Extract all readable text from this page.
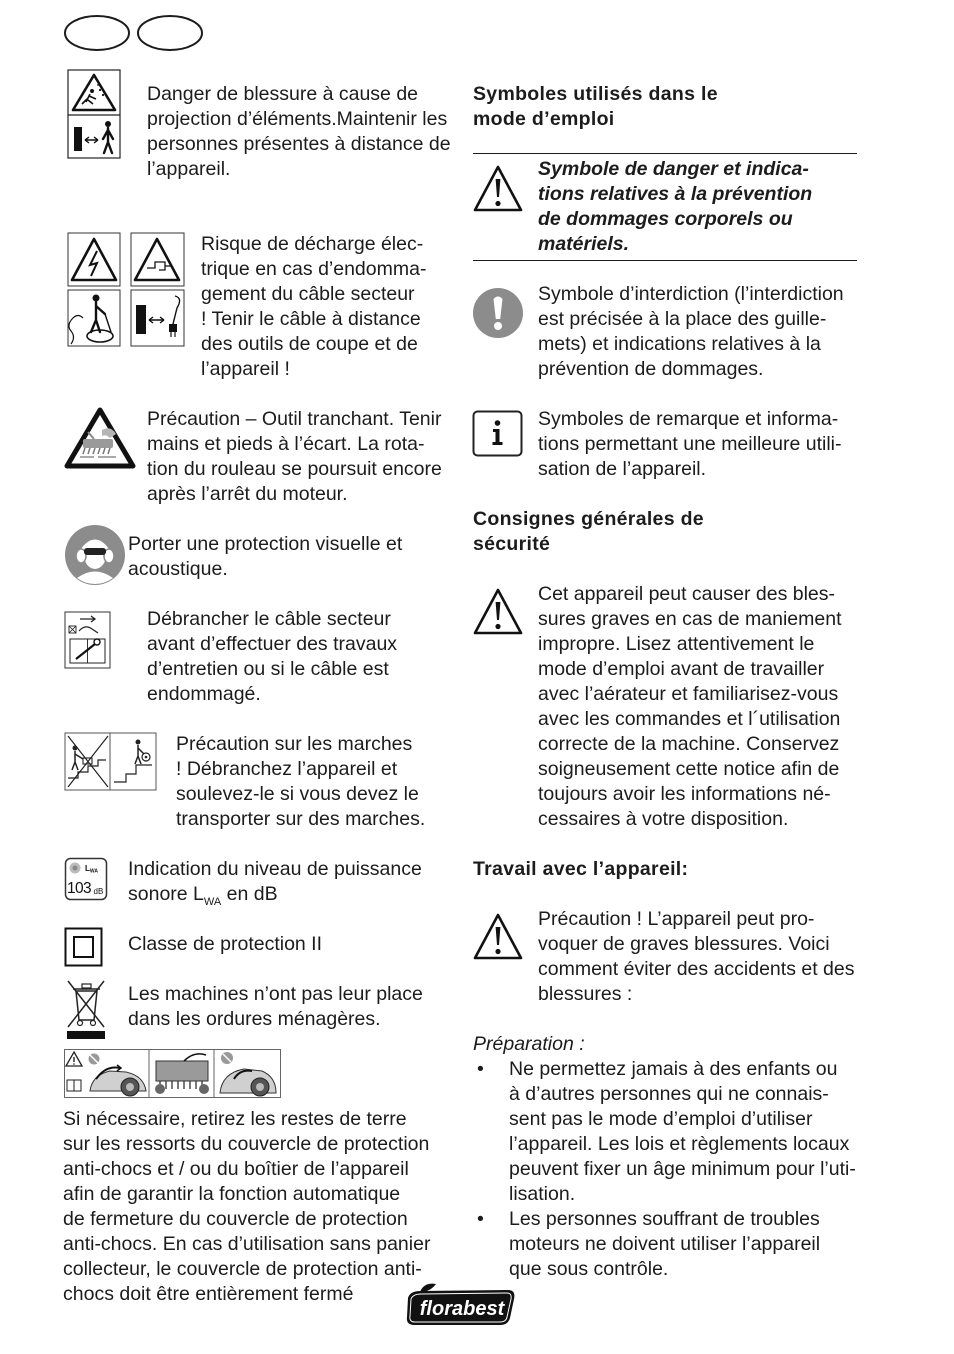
Danger de blessure à cause de
projection d’éléments.Maintenir les
personnes présentes à distance de
l’appareil.
Risque de décharge élec-
trique en cas d’endomma-
gement du câble secteur
! Tenir le câble à distance
des outils de coupe et de
l’appareil !
Précaution – Outil tranchant. Tenir
mains et pieds à l’écart. La rota-
tion du rouleau se poursuit encore
après l’arrêt du moteur.
Porter une protection visuelle et
acoustique.
Débrancher le câble secteur
avant d’effectuer des travaux
d’entretien ou si le câble est
endommagé.
Précaution sur les marches
! Débranchez l’appareil et
soulevez-le si vous devez le
transporter sur des marches.
LWA
103 dB
Indication du niveau de puissance
sonore $L_{WA}$ en dB
Classe de protection II
Les machines n’ont pas leur place
dans les ordures ménagères.
Si nécessaire, retirez les restes de terre
sur les ressorts du couvercle de protection
anti-chocs et / ou du boîtier de l’appareil
afin de garantir la fonction automatique
de fermeture du couvercle de protection
anti-chocs. En cas d’utilisation sans panier
collecteur, le couvercle de protection anti-
chocs doit être entièrement fermé
Symboles utilisés dans le
mode d’emploi
Symbole de danger et indica-
tions relatives à la prévention
de dommages corporels ou
matériels.
Symbole d’interdiction (l’interdiction
est précisée à la place des guille-
mets) et indications relatives à la
prévention de dommages.
Symboles de remarque et informa-
tions permettant une meilleure utili-
sation de l’appareil.
Consignes générales de
sécurité
Cet appareil peut causer des bles-
sures graves en cas de maniement
impropre. Lisez attentivement le
mode d’emploi avant de travailler
avec l’aérateur et familiarisez-vous
avec les commandes et l´utilisation
correcte de la machine. Conservez
soigneusement cette notice afin de
toujours avoir les informations né-
cessaires à votre disposition.
Travail avec l’appareil:
Précaution ! L’appareil peut pro-
voquer de graves blessures. Voici
comment éviter des accidents et des
blessures :
Préparation :
• Ne permettez jamais à des enfants ou
à d’autres personnes qui ne connais-
sent pas le mode d’emploi d’utiliser
l’appareil. Les lois et règlements locaux
peuvent fixer un âge minimum pour l’uti-
lisation.
• Les personnes souffrant de troubles
moteurs ne doivent utiliser l’appareil
que sous contrôle.
florabest
